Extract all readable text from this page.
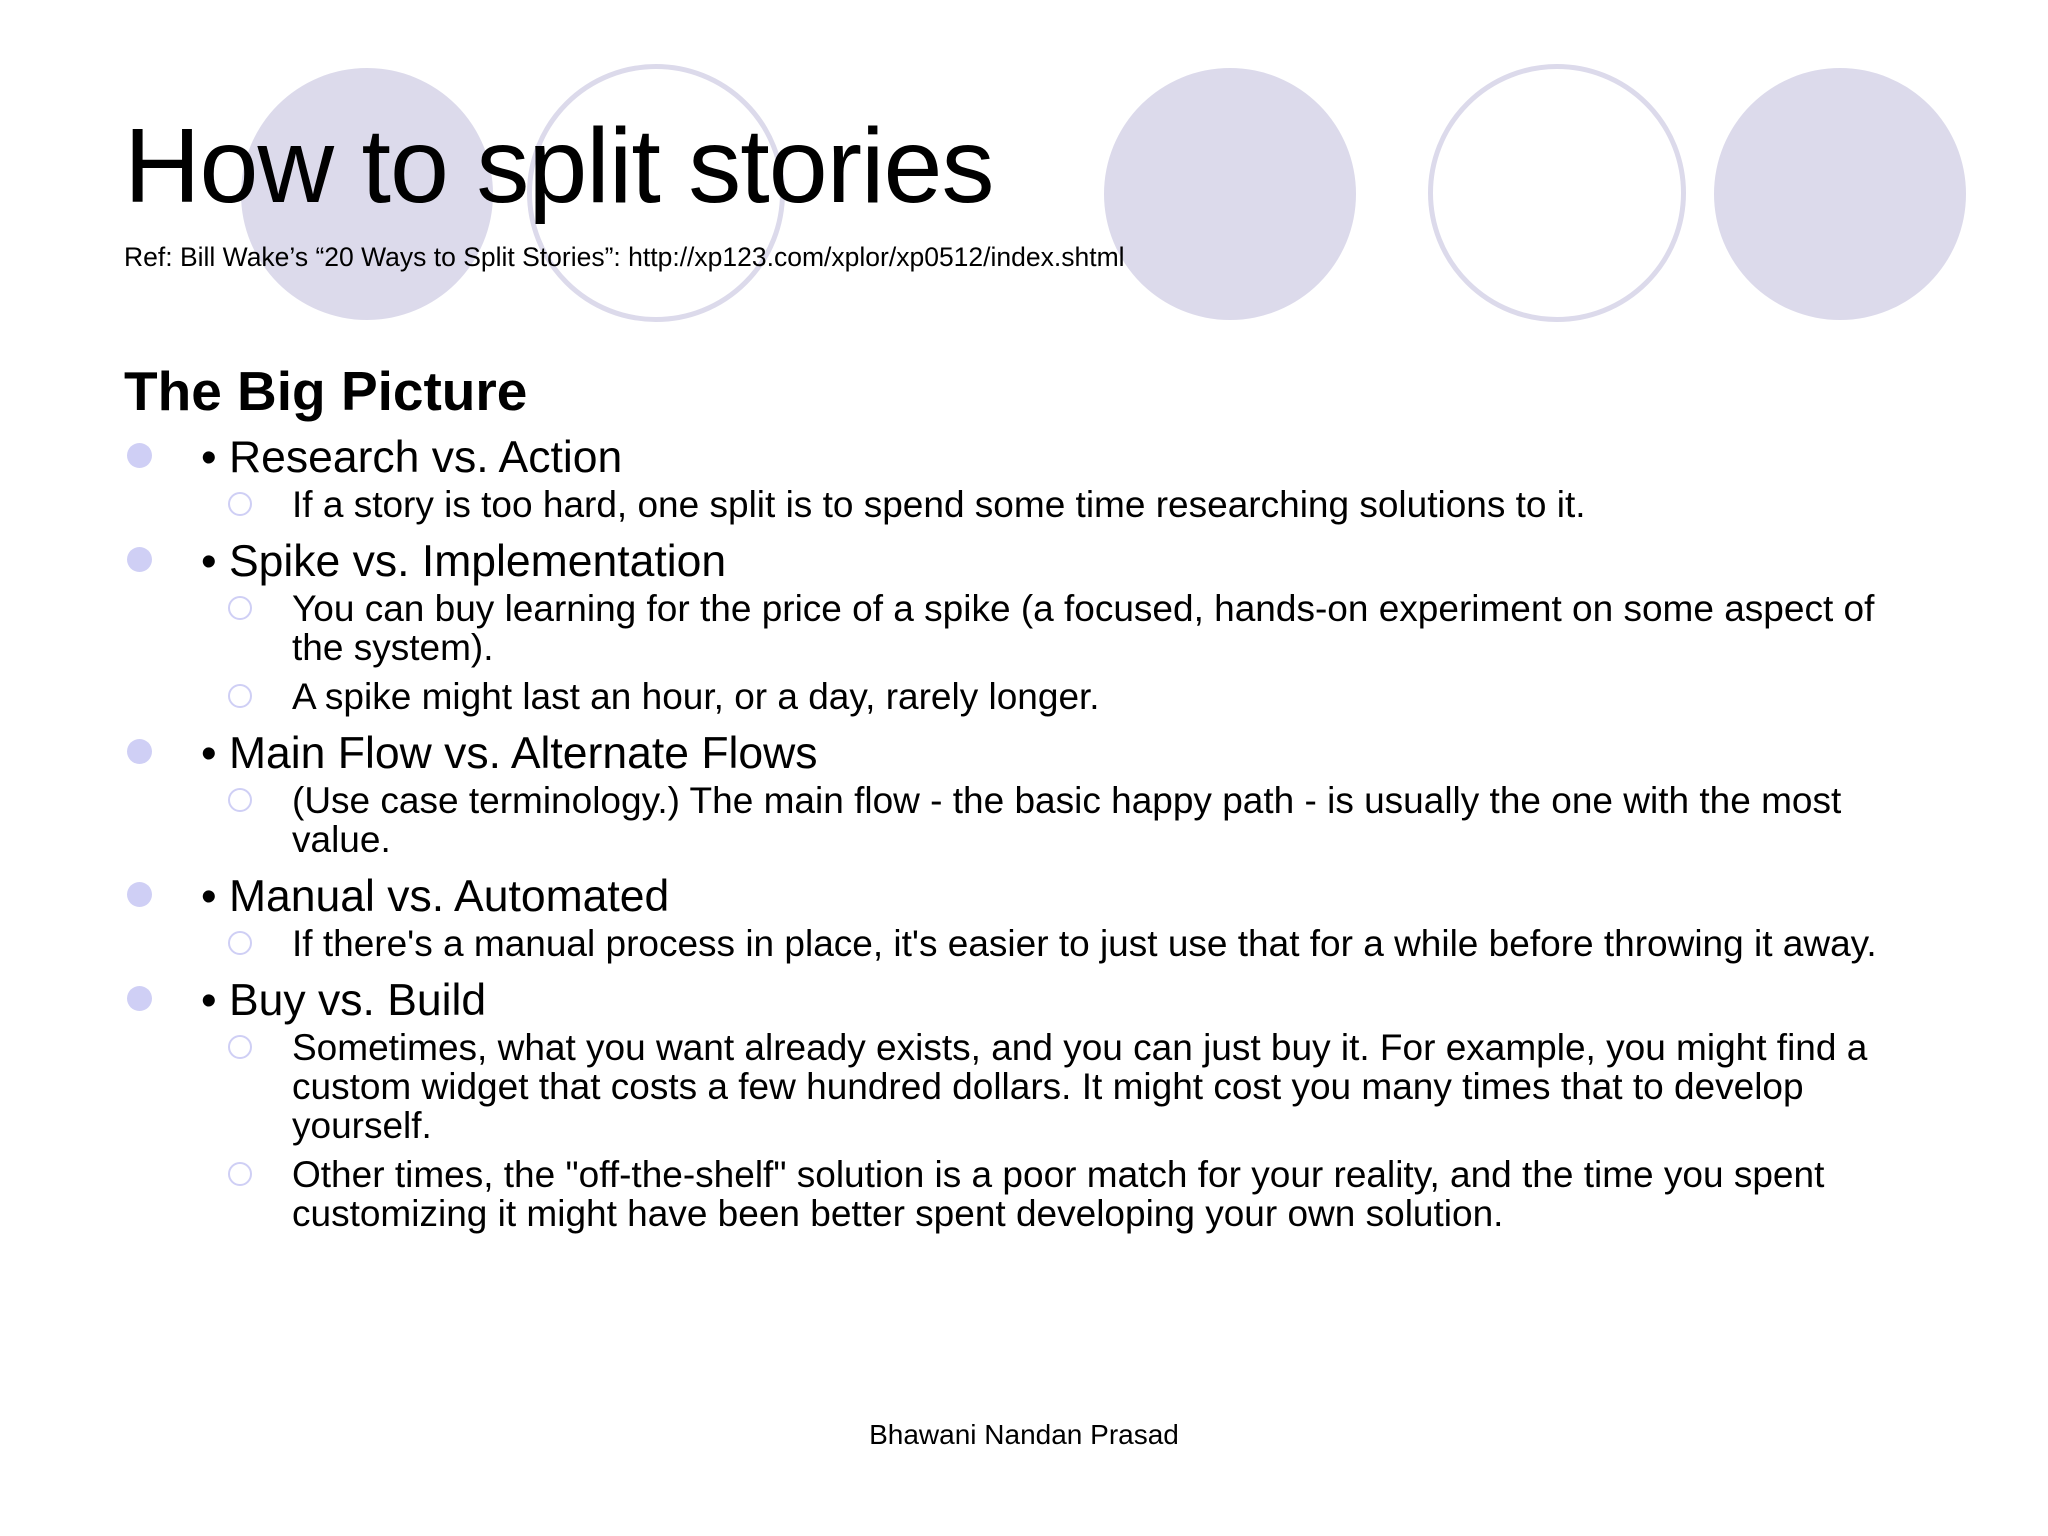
How to split stories
Ref: Bill Wake’s “20 Ways to Split Stories”: http://xp123.com/xplor/xp0512/index.shtml
The Big Picture
• Research vs. Action
If a story is too hard, one split is to spend some time researching solutions to it.
• Spike vs. Implementation
You can buy learning for the price of a spike (a focused, hands-on experiment on some aspect of the system).
A spike might last an hour, or a day, rarely longer.
• Main Flow vs. Alternate Flows
(Use case terminology.) The main flow - the basic happy path - is usually the one with the most value.
• Manual vs. Automated
If there's a manual process in place, it's easier to just use that for a while before throwing it away.
• Buy vs. Build
Sometimes, what you want already exists, and you can just buy it. For example, you might find a custom widget that costs a few hundred dollars. It might cost you many times that to develop yourself.
Other times, the "off-the-shelf" solution is a poor match for your reality, and the time you spent customizing it might have been better spent developing your own solution.
Bhawani Nandan Prasad
